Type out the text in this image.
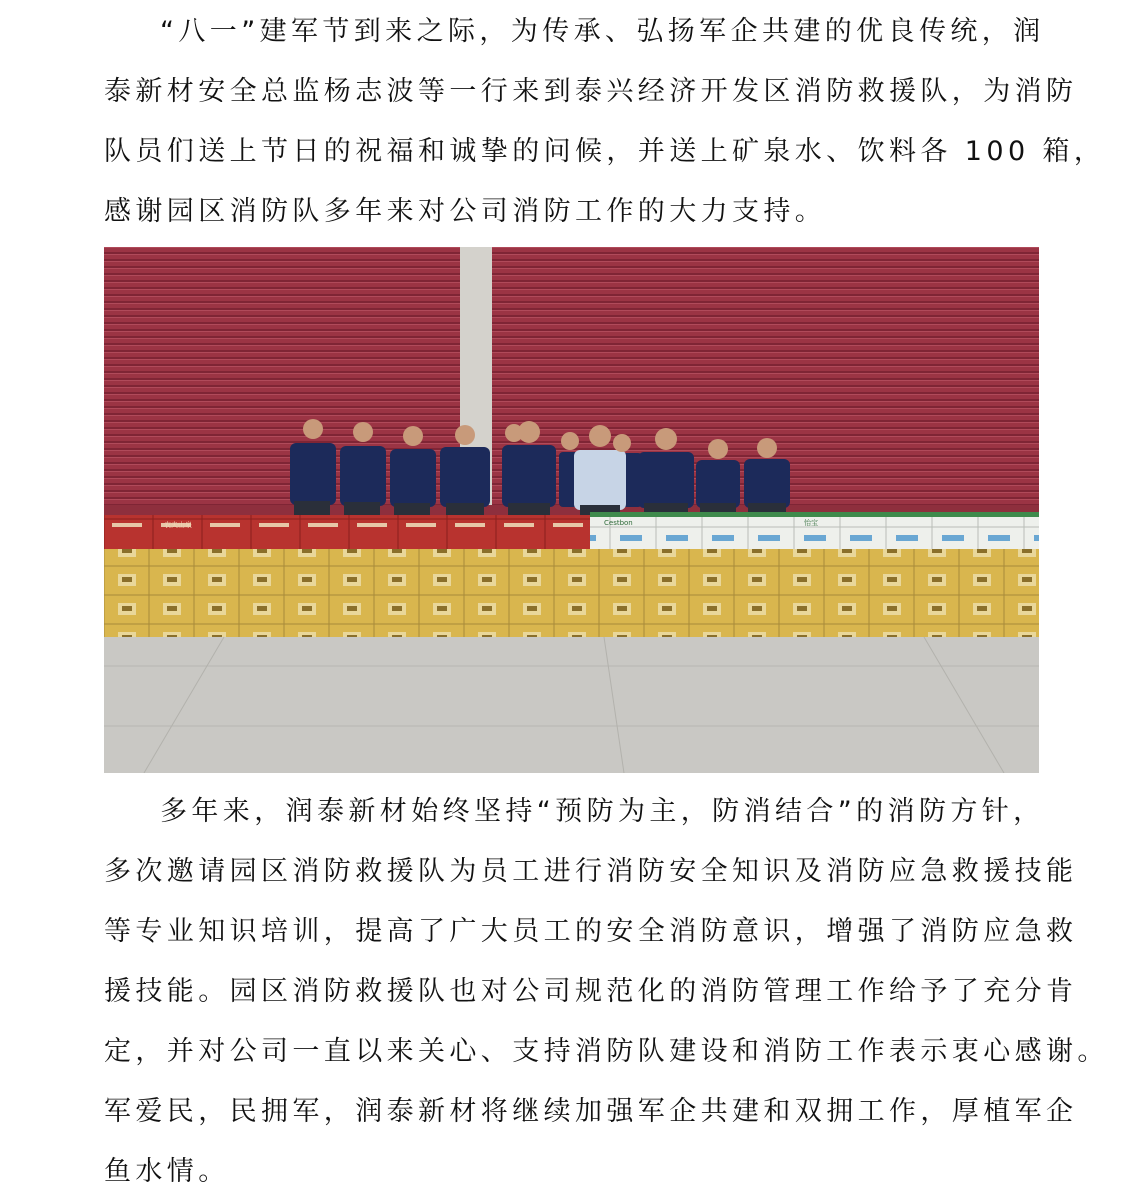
“八一”建军节到来之际，为传承、弘扬军企共建的优良传统，润
泰新材安全总监杨志波等一行来到泰兴经济开发区消防救援队，为消防
队员们送上节日的祝福和诚挚的问候，并送上矿泉水、饮料各 100 箱，
感谢园区消防队多年来对公司消防工作的大力支持。
农夫山泉	Cestbon	怡宝
多年来，润泰新材始终坚持“预防为主，防消结合”的消防方针，
多次邀请园区消防救援队为员工进行消防安全知识及消防应急救援技能
等专业知识培训，提高了广大员工的安全消防意识，增强了消防应急救
援技能。园区消防救援队也对公司规范化的消防管理工作给予了充分肯
定，并对公司一直以来关心、支持消防队建设和消防工作表示衷心感谢。
军爱民，民拥军，润泰新材将继续加强军企共建和双拥工作，厚植军企
鱼水情。
